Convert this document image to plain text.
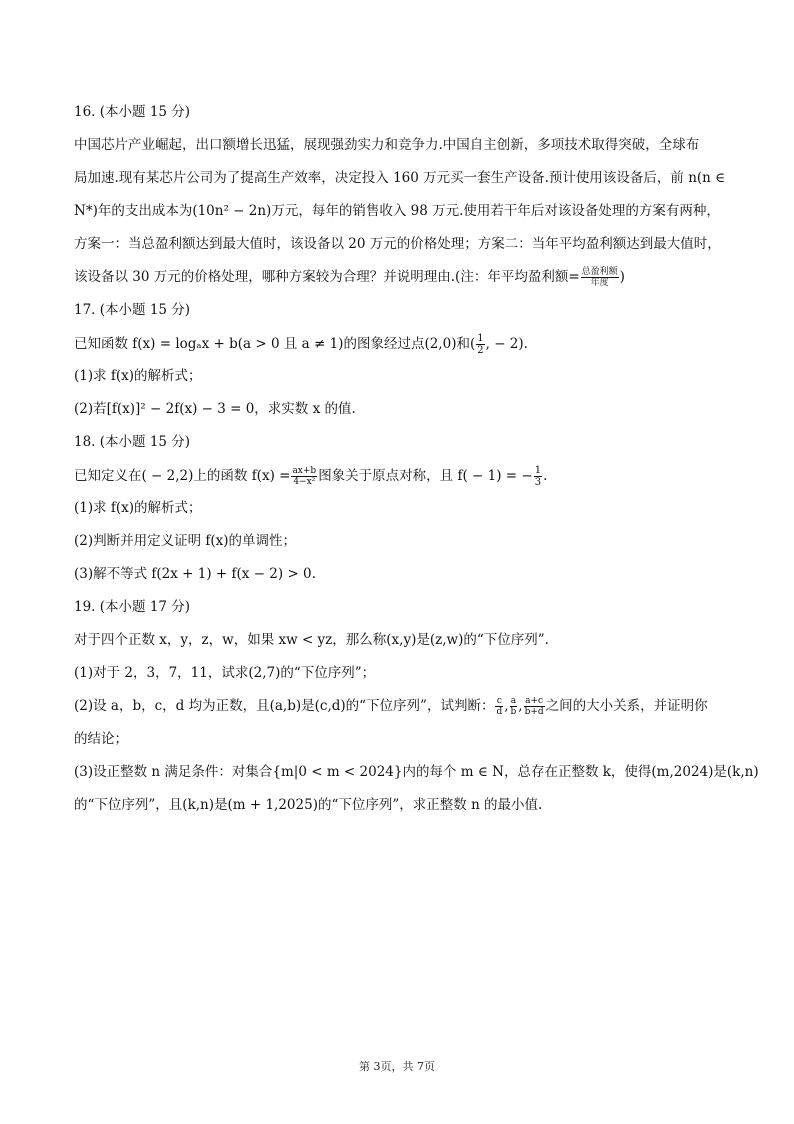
16. (本小题 15 分)
中国芯片产业崛起，出口额增长迅猛，展现强劲实力和竞争力.中国自主创新，多项技术取得突破，全球布
局加速.现有某芯片公司为了提高生产效率，决定投入 160 万元买一套生产设备.预计使用该设备后，前 n(n ∈
N*)年的支出成本为(10n² − 2n)万元，每年的销售收入 98 万元.使用若干年后对该设备处理的方案有两种，
方案一：当总盈利额达到最大值时，该设备以 20 万元的价格处理；方案二：当年平均盈利额达到最大值时，
该设备以 30 万元的价格处理，哪种方案较为合理？并说明理由.(注：年平均盈利额= $\frac{\text{总盈利额}}{\text{年度}}$ )
17. (本小题 15 分)
已知函数 f(x) = logₐx + b(a > 0 且 a ≠ 1)的图象经过点(2,0)和( $\frac{1}{2}$ , − 2).
(1)求 f(x)的解析式；
(2)若[f(x)]² − 2f(x) − 3 = 0，求实数 x 的值.
18. (本小题 15 分)
已知定义在( − 2,2)上的函数 $f(x) = \frac{ax+b}{\text{4−x²}}$ 图象关于原点对称，且 f( − 1) = − $\frac{1}{3}$ .
(1)求 f(x)的解析式；
(2)判断并用定义证明 f(x)的单调性；
(3)解不等式 f(2x + 1) + f(x − 2) > 0.
19. (本小题 17 分)
对于四个正数 x，y，z，w，如果 xw < yz，那么称(x,y)是(z,w)的“下位序列”.
(1)对于 2，3，7，11，试求(2,7)的“下位序列”；
(2)设 a，b，c，d 均为正数，且(a,b)是(c,d)的“下位序列”，试判断： $\frac{c}{d}$ , $\frac{a}{b}$ , $\frac{a+c}{b+d}$ 之间的大小关系，并证明你
的结论；
(3)设正整数 n 满足条件：对集合{m|0 < m < 2024}内的每个 m ∈ N，总存在正整数 k，使得(m,2024)是(k,n)
的“下位序列”，且(k,n)是(m + 1,2025)的“下位序列”，求正整数 n 的最小值.
第 3页，共 7页
